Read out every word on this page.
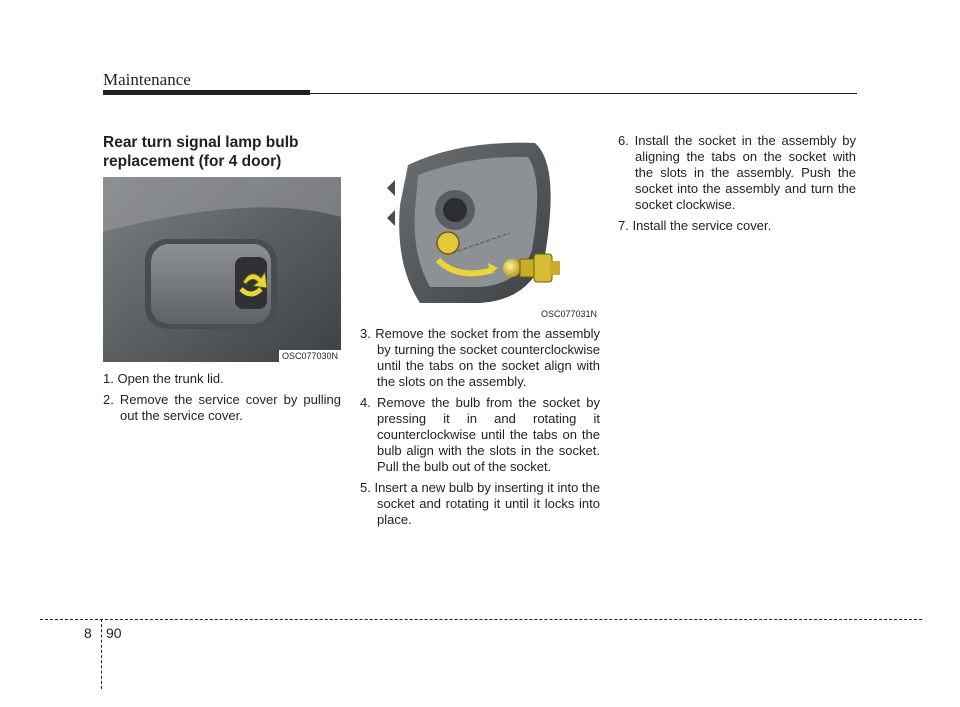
Maintenance
Rear turn signal lamp bulb
replacement (for 4 door)
OSC077030N
OSC077031N
1. Open the trunk lid.
2. Remove the service cover by pulling out the service cover.
3. Remove the socket from the assembly by turning the socket counterclockwise until the tabs on the socket align with the slots on the assembly.
4. Remove the bulb from the socket by pressing it in and rotating it counterclockwise until the tabs on the bulb align with the slots in the socket. Pull the bulb out of the socket.
5. Insert a new bulb by inserting it into the socket and rotating it until it locks into place.
6. Install the socket in the assembly by aligning the tabs on the socket with the slots in the assembly. Push the socket into the assembly and turn the socket clockwise.
7. Install the service cover.
8 90
